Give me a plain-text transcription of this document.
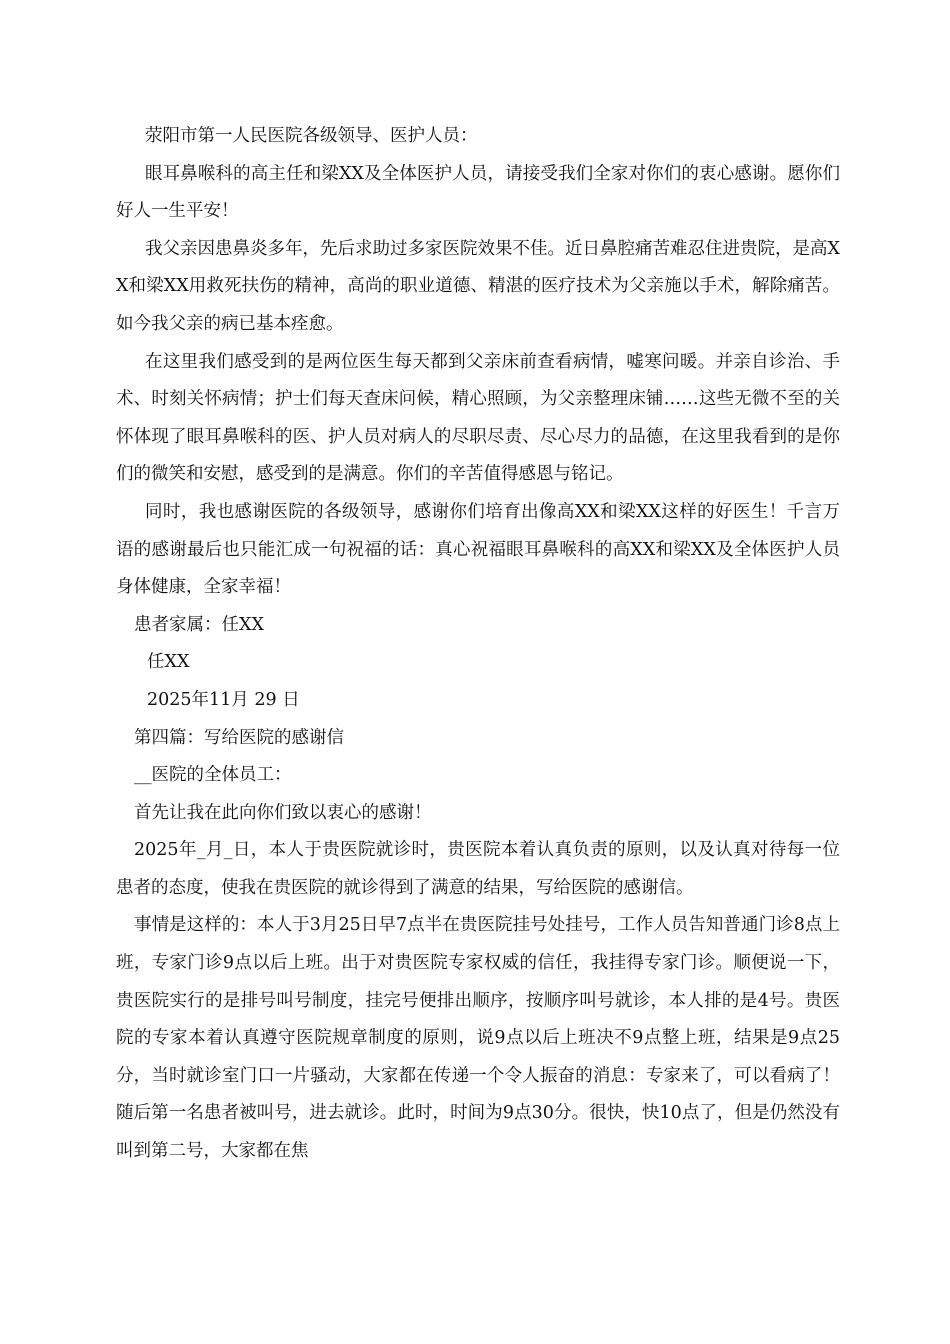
荥阳市第一人民医院各级领导、医护人员：

眼耳鼻喉科的高主任和梁XX及全体医护人员，请接受我们全家对你们的衷心感谢。愿你们好人一生平安！

我父亲因患鼻炎多年，先后求助过多家医院效果不佳。近日鼻腔痛苦难忍住进贵院，是高XX和梁XX用救死扶伤的精神，高尚的职业道德、精湛的医疗技术为父亲施以手术，解除痛苦。如今我父亲的病已基本痊愈。

在这里我们感受到的是两位医生每天都到父亲床前查看病情，嘘寒问暖。并亲自诊治、手术、时刻关怀病情；护士们每天查床问候，精心照顾，为父亲整理床铺……这些无微不至的关怀体现了眼耳鼻喉科的医、护人员对病人的尽职尽责、尽心尽力的品德，在这里我看到的是你们的微笑和安慰，感受到的是满意。你们的辛苦值得感恩与铭记。

同时，我也感谢医院的各级领导，感谢你们培育出像高XX和梁XX这样的好医生！千言万语的感谢最后也只能汇成一句祝福的话：真心祝福眼耳鼻喉科的高XX和梁XX及全体医护人员身体健康，全家幸福！

患者家属：任XX

任XX

2025年11月 29 日

第四篇：写给医院的感谢信

__医院的全体员工：

首先让我在此向你们致以衷心的感谢！

2025年_月_日，本人于贵医院就诊时，贵医院本着认真负责的原则，以及认真对待每一位患者的态度，使我在贵医院的就诊得到了满意的结果，写给医院的感谢信。

事情是这样的：本人于3月25日早7点半在贵医院挂号处挂号，工作人员告知普通门诊8点上班，专家门诊9点以后上班。出于对贵医院专家权威的信任，我挂得专家门诊。顺便说一下，贵医院实行的是排号叫号制度，挂完号便排出顺序，按顺序叫号就诊，本人排的是4号。贵医院的专家本着认真遵守医院规章制度的原则，说9点以后上班决不9点整上班，结果是9点25分，当时就诊室门口一片骚动，大家都在传递一个令人振奋的消息：专家来了，可以看病了！随后第一名患者被叫号，进去就诊。此时，时间为9点30分。很快，快10点了，但是仍然没有叫到第二号，大家都在焦
